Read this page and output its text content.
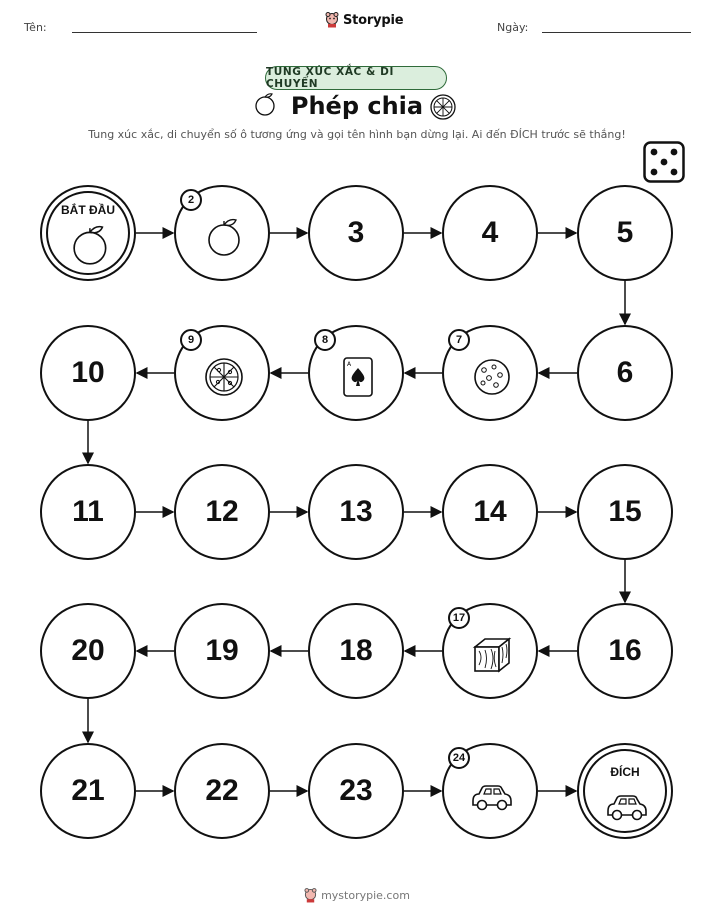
Tên:	Storypie	Ngày:
TUNG XÚC XẮC & DI CHUYỂN
Phép chia
Tung xúc xắc, di chuyển số ô tương ứng và gọi tên hình bạn dừng lại. Ai đến ĐÍCH trước sẽ thắng!
BẮT ĐẦU
2
3	4	5
6
7
8
A
9
10
11	12	13	14	15
16
17
18
19
20
21	22	23
24
ĐÍCH
mystorypie.com
